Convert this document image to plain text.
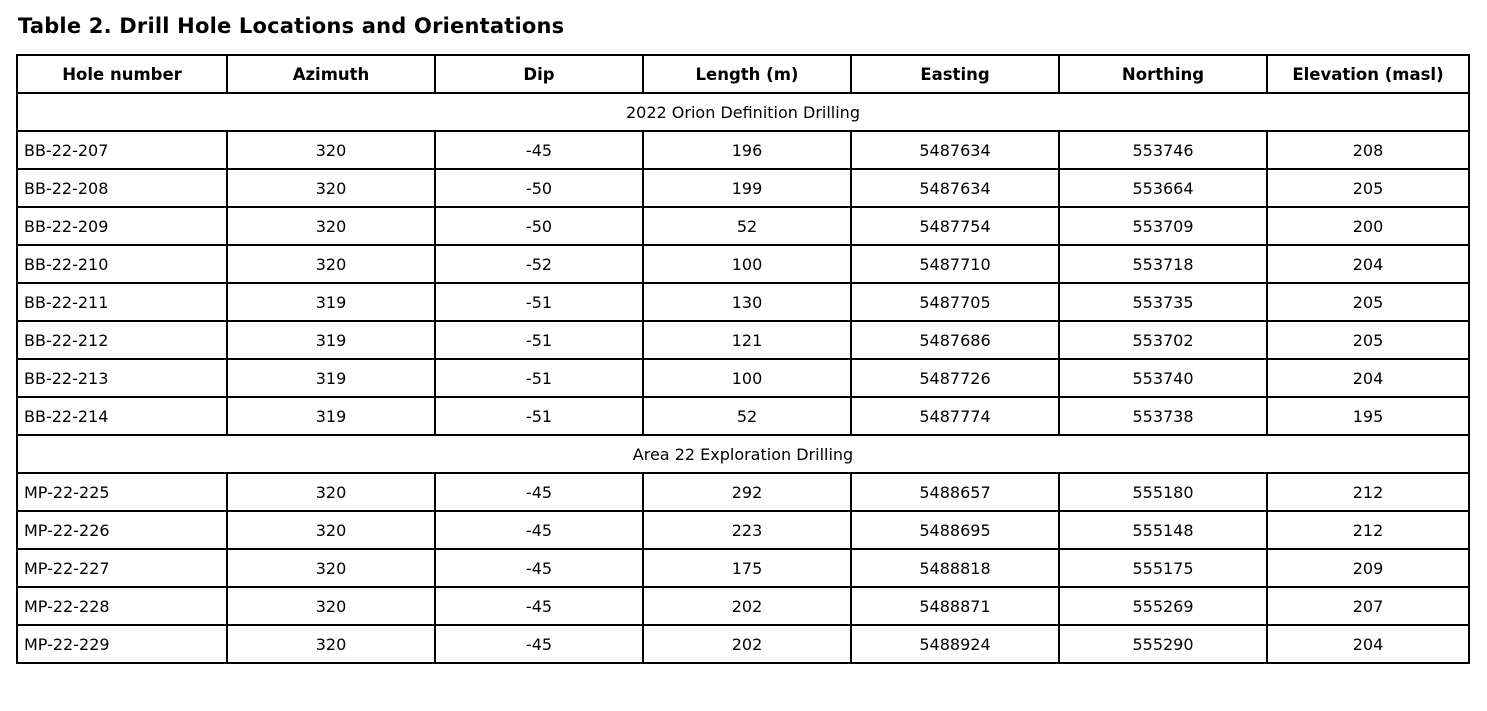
Table 2. Drill Hole Locations and Orientations
Hole number	Azimuth	Dip	Length (m)	Easting	Northing	Elevation (masl)
2022 Orion Definition Drilling						
BB-22-207	320	-45	196	5487634	553746	208
BB-22-208	320	-50	199	5487634	553664	205
BB-22-209	320	-50	52	5487754	553709	200
BB-22-210	320	-52	100	5487710	553718	204
BB-22-211	319	-51	130	5487705	553735	205
BB-22-212	319	-51	121	5487686	553702	205
BB-22-213	319	-51	100	5487726	553740	204
BB-22-214	319	-51	52	5487774	553738	195
Area 22 Exploration Drilling						
MP-22-225	320	-45	292	5488657	555180	212
MP-22-226	320	-45	223	5488695	555148	212
MP-22-227	320	-45	175	5488818	555175	209
MP-22-228	320	-45	202	5488871	555269	207
MP-22-229	320	-45	202	5488924	555290	204
